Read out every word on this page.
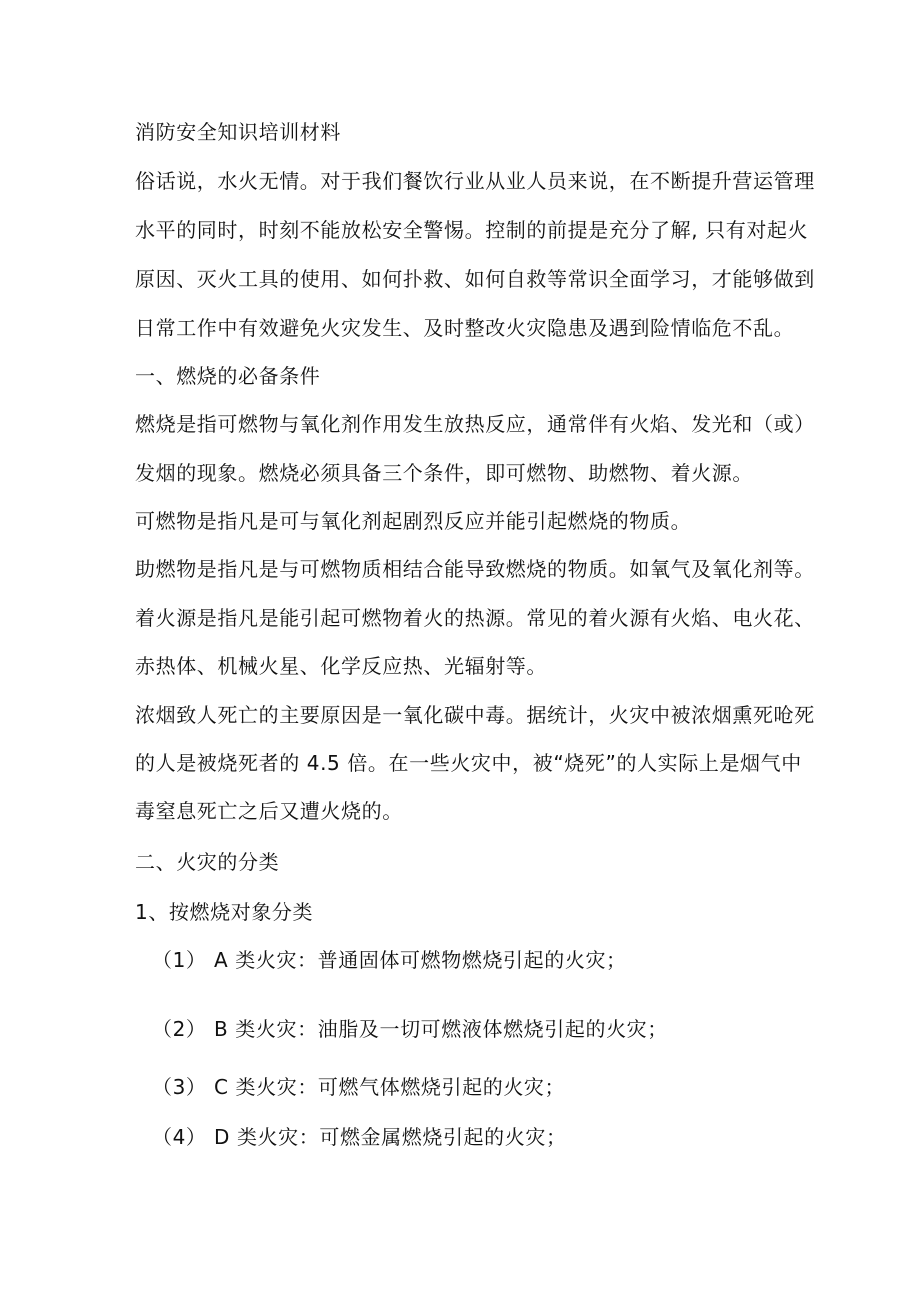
消防安全知识培训材料
俗话说，水火无情。对于我们餐饮行业从业人员来说，在不断提升营运管理
水平的同时，时刻不能放松安全警惕。控制的前提是充分了解, 只有对起火
原因、灭火工具的使用、如何扑救、如何自救等常识全面学习，才能够做到
日常工作中有效避免火灾发生、及时整改火灾隐患及遇到险情临危不乱。
一、燃烧的必备条件
燃烧是指可燃物与氧化剂作用发生放热反应，通常伴有火焰、发光和（或）
发烟的现象。燃烧必须具备三个条件，即可燃物、助燃物、着火源。
可燃物是指凡是可与氧化剂起剧烈反应并能引起燃烧的物质。
助燃物是指凡是与可燃物质相结合能导致燃烧的物质。如氧气及氧化剂等。
着火源是指凡是能引起可燃物着火的热源。常见的着火源有火焰、电火花、
赤热体、机械火星、化学反应热、光辐射等。
浓烟致人死亡的主要原因是一氧化碳中毒。据统计，火灾中被浓烟熏死呛死
的人是被烧死者的 4.5 倍。在一些火灾中，被“烧死”的人实际上是烟气中
毒窒息死亡之后又遭火烧的。
二、火灾的分类
1、按燃烧对象分类
（1） A 类火灾：普通固体可燃物燃烧引起的火灾；
（2） B 类火灾：油脂及一切可燃液体燃烧引起的火灾；
（3） C 类火灾：可燃气体燃烧引起的火灾；
（4） D 类火灾：可燃金属燃烧引起的火灾；
